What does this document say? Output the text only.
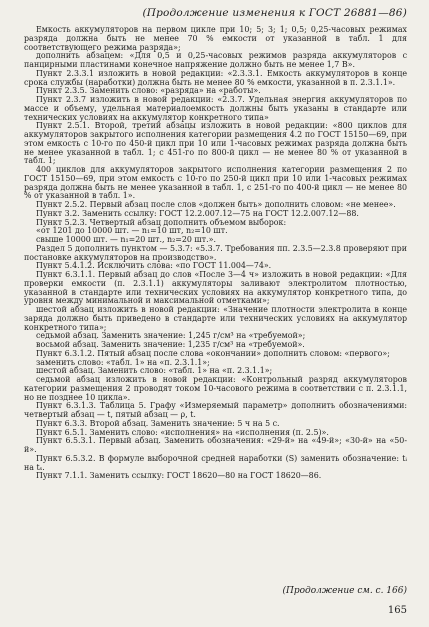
(Продолжение изменения к ГОСТ 26881—86)

Емкость аккумуляторов на первом цикле при 10; 5; 3; 1; 0,5; 0,25-часовых режимах разряда должна быть не менее 70 % емкости от указанной в табл. 1 для соответствующего режима разряда»;

дополнить абзацем: «Для 0,5 и 0,25-часовых режимов разряда аккумуляторов с панцирными пластинами конечное напряжение должно быть не менее 1,7 В».

Пункт 2.3.3.1 изложить в новой редакции: «2.3.3.1. Емкость аккумуляторов в конце срока службы (наработки) должна быть не менее 80 % емкости, указанной в п. 2.3.1.1».

Пункт 2.3.5. Заменить слово: «разряда» на «работы».

Пункт 2.3.7 изложить в новой редакции: «2.3.7. Удельная энергия аккумуляторов по массе и объему, удельная материалоемкость должны быть указаны в стандарте или технических условиях на аккумулятор конкретного типа»

Пункт 2.5.1. Второй, третий абзацы изложить в новой редакции: «800 циклов для аккумуляторов закрытого исполнения категории размещения 4.2 по ГОСТ 15150—69, при этом емкость с 10-го по 450-й цикл при 10 или 1-часовых режимах разряда должна быть не менее указанной в табл. 1; с 451-го по 800-й цикл — не менее 80 % от указанной в табл. 1;

400 циклов для аккумуляторов закрытого исполнения категории размещения 2 по ГОСТ 15150—69, при этом емкость с 10-го по 250-й цикл при 10 или 1-часовых режимах разряда должна быть не менее указанной в табл. 1, с 251-го по 400-й цикл — не менее 80 % от указанной в табл. 1».

Пункт 2.5.2. Первый абзац после слов «должен быть» дополнить словом: «не менее».

Пункт 3.2. Заменить ссылку: ГОСТ 12.2.007.12—75 на ГОСТ 12.2.007.12—88.

Пункт 5.2.3. Четвертый абзац дополнить объемом выборок:

«от 1201 до 10000 шт. — n₁=10 шт, n₂=10 шт.

свыше 10000 шт. — n₁=20 шт., n₂=20 шт.».

Раздел 5 дополнить пунктом — 5.3.7: «5.3.7. Требования пп. 2.3.5—2.3.8 проверяют при постановке аккумуляторов на производство».

Пункт 5.4.1.2. Исключить слова: «по ГОСТ 11.004—74».

Пункт 6.3.1.1. Первый абзац до слов «После 3—4 ч» изложить в новой редакции: «Для проверки емкости (п. 2.3.1.1) аккумуляторы заливают электролитом плотностью, указанной в стандарте или технических условиях на аккумулятор конкретного типа, до уровня между минимальной и максимальной отметками»;

шестой абзац изложить в новой редакции: «Значение плотности электролита в конце заряда должно быть приведено в стандарте или технических условиях на аккумулятор конкретного типа»;

седьмой абзац. Заменить значение: 1,245 г/см³ на «требуемой»;

восьмой абзац. Заменить значение: 1,235 г/см³ на «требуемой».

Пункт 6.3.1.2. Пятый абзац после слова «окончании» дополнить словом: «первого»;

заменить слово: «табл. 1» на «п. 2.3.1.1»;

шестой абзац. Заменить слово: «табл. 1» на «п. 2.3.1.1»;

седьмой абзац изложить в новой редакции: «Контрольный разряд аккумуляторов категории размещения 2 проводят током 10-часового режима в соответствии с п. 2.3.1.1, но не позднее 10 цикла».

Пункт 6.3.1.3. Таблица 5. Графу «Измеряемый параметр» дополнить обозначениями: четвертый абзац — t, пятый абзац — ρ, t.

Пункт 6.3.3. Второй абзац. Заменить значение: 5 ч на 5 с.

Пункт 6.5.1. Заменить слово: «исполнения» на «исполнения (п. 2.5)».

Пункт 6.5.3.1. Первый абзац. Заменить обозначения: «29-й» на «49-й»; «30-й» на «50-й».

Пункт 6.5.3.2. В формуле выборочной средней наработки (S) заменить обозначение: tᵢ на tₛ.

Пункт 7.1.1. Заменить ссылку: ГОСТ 18620—80 на ГОСТ 18620—86.

(Продолжение см. с. 166)
165
